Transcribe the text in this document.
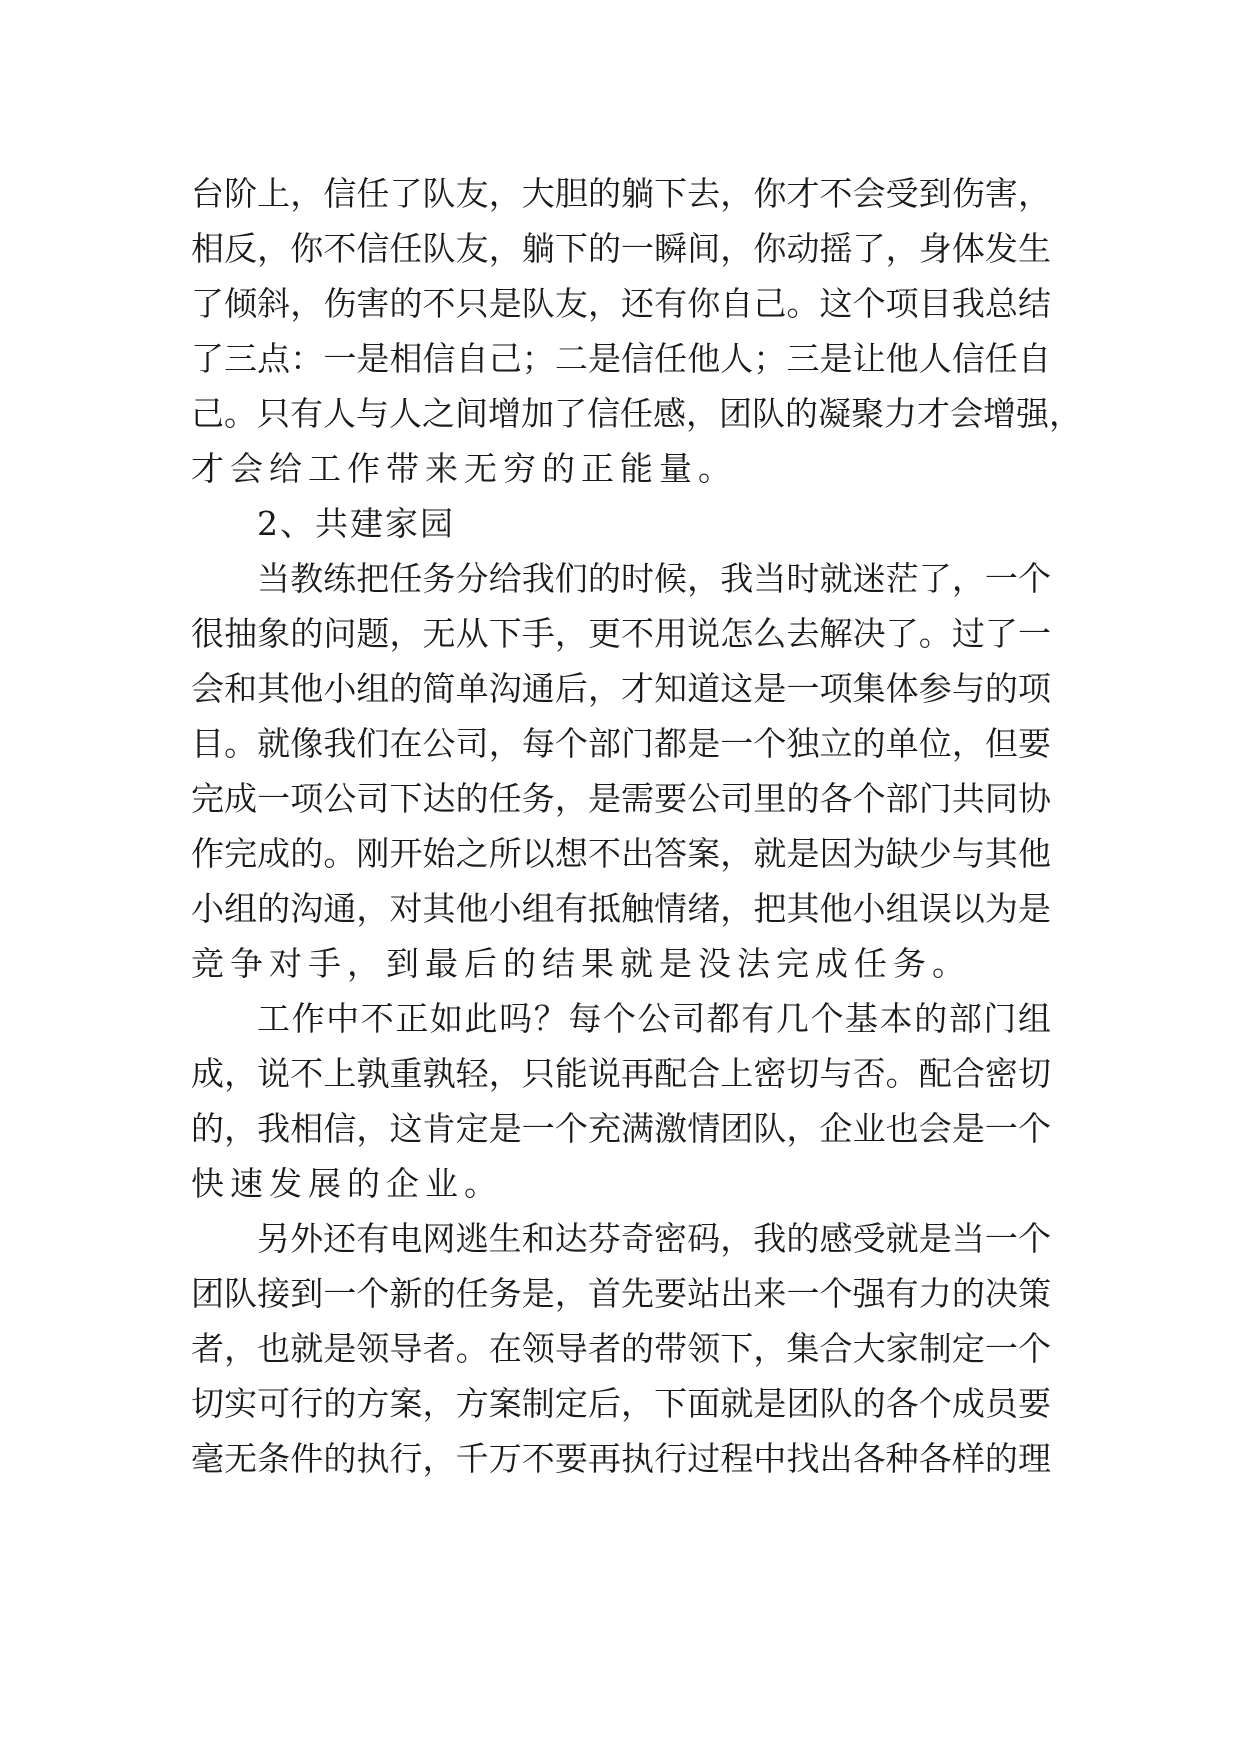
台阶上，信任了队友，大胆的躺下去，你才不会受到伤害，
相反，你不信任队友，躺下的一瞬间，你动摇了，身体发生
了倾斜，伤害的不只是队友，还有你自己。这个项目我总结
了三点：一是相信自己；二是信任他人；三是让他人信任自
己。只有人与人之间增加了信任感，团队的凝聚力才会增强，
才会给工作带来无穷的正能量。
2、共建家园
当教练把任务分给我们的时候，我当时就迷茫了，一个
很抽象的问题，无从下手，更不用说怎么去解决了。过了一
会和其他小组的简单沟通后，才知道这是一项集体参与的项
目。就像我们在公司，每个部门都是一个独立的单位，但要
完成一项公司下达的任务，是需要公司里的各个部门共同协
作完成的。刚开始之所以想不出答案，就是因为缺少与其他
小组的沟通，对其他小组有抵触情绪，把其他小组误以为是
竞争对手，到最后的结果就是没法完成任务。
工作中不正如此吗？每个公司都有几个基本的部门组
成，说不上孰重孰轻，只能说再配合上密切与否。配合密切
的，我相信，这肯定是一个充满激情团队，企业也会是一个
快速发展的企业。
另外还有电网逃生和达芬奇密码，我的感受就是当一个
团队接到一个新的任务是，首先要站出来一个强有力的决策
者，也就是领导者。在领导者的带领下，集合大家制定一个
切实可行的方案，方案制定后，下面就是团队的各个成员要
毫无条件的执行，千万不要再执行过程中找出各种各样的理
